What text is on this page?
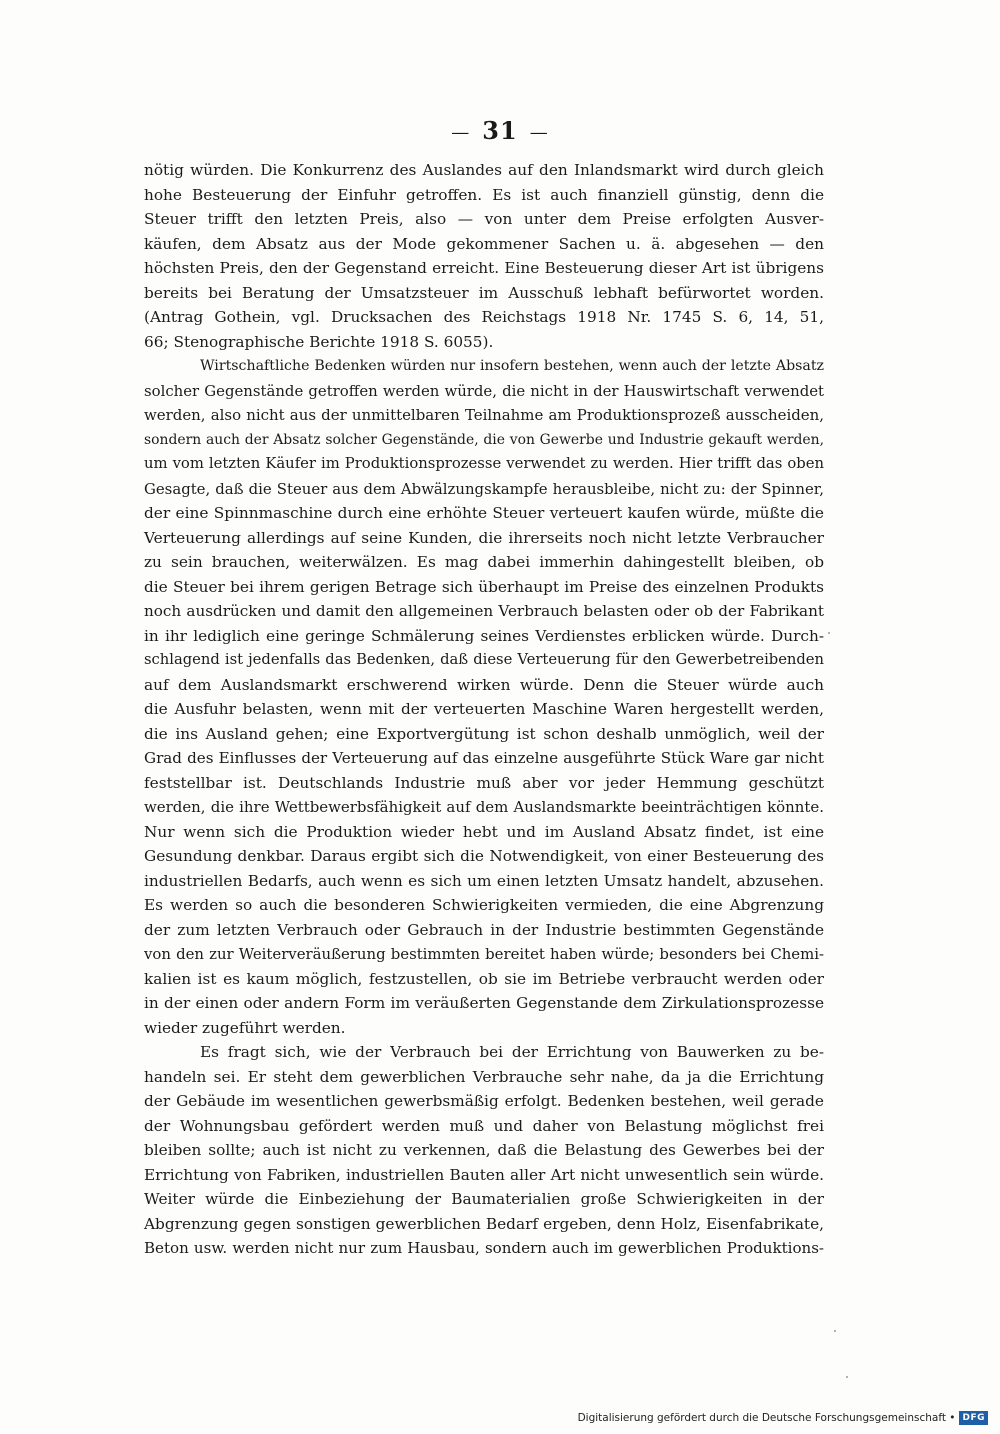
— 31 —
nötig würden. Die Konkurrenz des Auslandes auf den Inlandsmarkt wird durch gleich
hohe Besteuerung der Einfuhr getroffen. Es ist auch finanziell günstig, denn die
Steuer trifft den letzten Preis, also — von unter dem Preise erfolgten Ausver-
käufen, dem Absatz aus der Mode gekommener Sachen u. ä. abgesehen — den
höchsten Preis, den der Gegenstand erreicht. Eine Besteuerung dieser Art ist übrigens
bereits bei Beratung der Umsatzsteuer im Ausschuß lebhaft befürwortet worden.
(Antrag Gothein, vgl. Drucksachen des Reichstags 1918 Nr. 1745 S. 6, 14, 51,
66; Stenographische Berichte 1918 S. 6055).
Wirtschaftliche Bedenken würden nur insofern bestehen, wenn auch der letzte Absatz
solcher Gegenstände getroffen werden würde, die nicht in der Hauswirtschaft verwendet
werden, also nicht aus der unmittelbaren Teilnahme am Produktionsprozeß ausscheiden,
sondern auch der Absatz solcher Gegenstände, die von Gewerbe und Industrie gekauft werden,
um vom letzten Käufer im Produktionsprozesse verwendet zu werden. Hier trifft das oben
Gesagte, daß die Steuer aus dem Abwälzungskampfe herausbleibe, nicht zu: der Spinner,
der eine Spinnmaschine durch eine erhöhte Steuer verteuert kaufen würde, müßte die
Verteuerung allerdings auf seine Kunden, die ihrerseits noch nicht letzte Verbraucher
zu sein brauchen, weiterwälzen. Es mag dabei immerhin dahingestellt bleiben, ob
die Steuer bei ihrem gerigen Betrage sich überhaupt im Preise des einzelnen Produkts
noch ausdrücken und damit den allgemeinen Verbrauch belasten oder ob der Fabrikant
in ihr lediglich eine geringe Schmälerung seines Verdienstes erblicken würde. Durch-
schlagend ist jedenfalls das Bedenken, daß diese Verteuerung für den Gewerbetreibenden
auf dem Auslandsmarkt erschwerend wirken würde. Denn die Steuer würde auch
die Ausfuhr belasten, wenn mit der verteuerten Maschine Waren hergestellt werden,
die ins Ausland gehen; eine Exportvergütung ist schon deshalb unmöglich, weil der
Grad des Einflusses der Verteuerung auf das einzelne ausgeführte Stück Ware gar nicht
feststellbar ist. Deutschlands Industrie muß aber vor jeder Hemmung geschützt
werden, die ihre Wettbewerbsfähigkeit auf dem Auslandsmarkte beeinträchtigen könnte.
Nur wenn sich die Produktion wieder hebt und im Ausland Absatz findet, ist eine
Gesundung denkbar. Daraus ergibt sich die Notwendigkeit, von einer Besteuerung des
industriellen Bedarfs, auch wenn es sich um einen letzten Umsatz handelt, abzusehen.
Es werden so auch die besonderen Schwierigkeiten vermieden, die eine Abgrenzung
der zum letzten Verbrauch oder Gebrauch in der Industrie bestimmten Gegenstände
von den zur Weiterveräußerung bestimmten bereitet haben würde; besonders bei Chemi-
kalien ist es kaum möglich, festzustellen, ob sie im Betriebe verbraucht werden oder
in der einen oder andern Form im veräußerten Gegenstande dem Zirkulationsprozesse
wieder zugeführt werden.
Es fragt sich, wie der Verbrauch bei der Errichtung von Bauwerken zu be-
handeln sei. Er steht dem gewerblichen Verbrauche sehr nahe, da ja die Errichtung
der Gebäude im wesentlichen gewerbsmäßig erfolgt. Bedenken bestehen, weil gerade
der Wohnungsbau gefördert werden muß und daher von Belastung möglichst frei
bleiben sollte; auch ist nicht zu verkennen, daß die Belastung des Gewerbes bei der
Errichtung von Fabriken, industriellen Bauten aller Art nicht unwesentlich sein würde.
Weiter würde die Einbeziehung der Baumaterialien große Schwierigkeiten in der
Abgrenzung gegen sonstigen gewerblichen Bedarf ergeben, denn Holz, Eisenfabrikate,
Beton usw. werden nicht nur zum Hausbau, sondern auch im gewerblichen Produktions-
Digitalisierung gefördert durch die Deutsche Forschungsgemeinschaft • DFG
